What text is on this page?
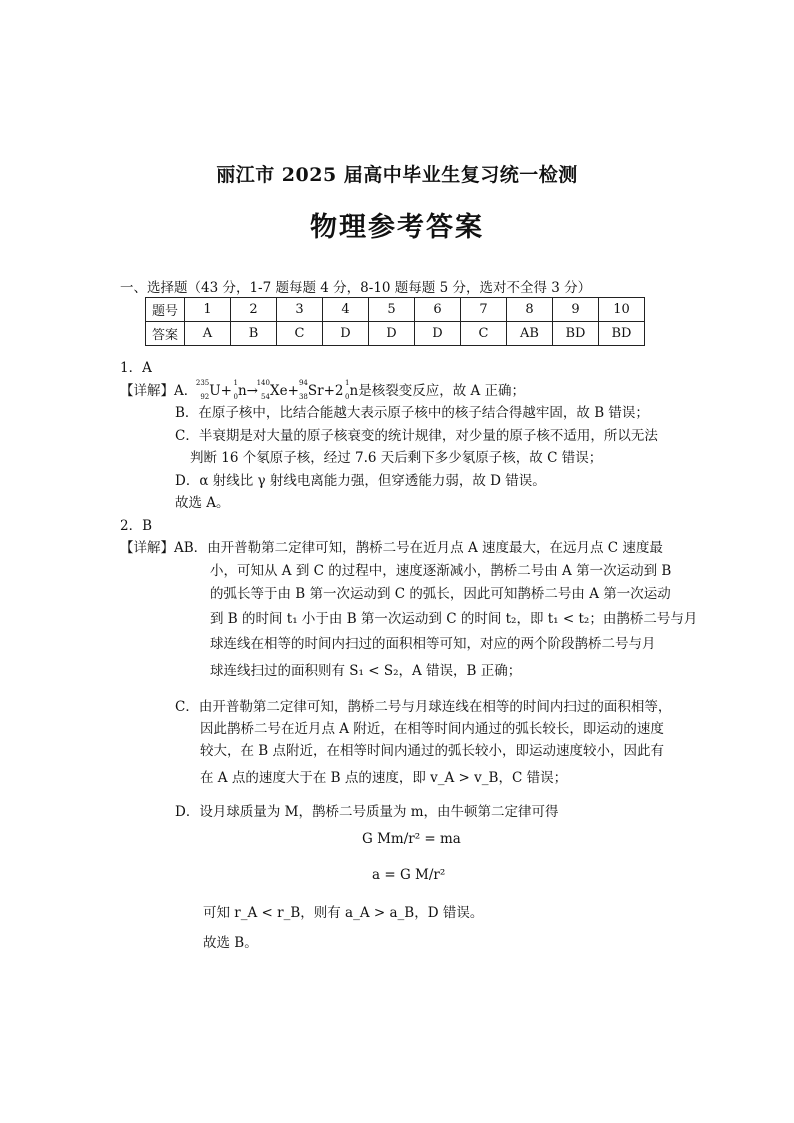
丽江市 2025 届高中毕业生复习统一检测
物理参考答案
一、选择题（43 分，1-7 题每题 4 分，8-10 题每题 5 分，选对不全得 3 分）
题号	1	2	3	4	5	6	7	8	9	10
答案	A	B	C	D	D	D	C	AB	BD	BD
1．A
【详解】A．
235
92 U+ 1
0 n→
140
54 Xe+ 94
38 Sr+2 1
0 n是核裂变反应，故 A 正确；
B．在原子核中，比结合能越大表示原子核中的核子结合得越牢固，故 B 错误；
C．半衰期是对大量的原子核衰变的统计规律，对少量的原子核不适用，所以无法
判断 16 个氡原子核，经过 7.6 天后剩下多少氡原子核，故 C 错误；
D．α 射线比 γ 射线电离能力强，但穿透能力弱，故 D 错误。
故选 A。
2．B
【详解】AB．由开普勒第二定律可知，鹊桥二号在近月点 A 速度最大，在远月点 C 速度最
小，可知从 A 到 C 的过程中，速度逐渐减小，鹊桥二号由 A 第一次运动到 B
的弧长等于由 B 第一次运动到 C 的弧长，因此可知鹊桥二号由 A 第一次运动
到 B 的时间 t₁ 小于由 B 第一次运动到 C 的时间 t₂，即 t₁ < t₂；由鹊桥二号与月
球连线在相等的时间内扫过的面积相等可知，对应的两个阶段鹊桥二号与月
球连线扫过的面积则有 S₁ < S₂，A 错误，B 正确；
C．由开普勒第二定律可知，鹊桥二号与月球连线在相等的时间内扫过的面积相等，
因此鹊桥二号在近月点 A 附近，在相等时间内通过的弧长较长，即运动的速度
较大，在 B 点附近，在相等时间内通过的弧长较小，即运动速度较小，因此有
在 A 点的速度大于在 B 点的速度，即 v_A > v_B，C 错误；
D．设月球质量为 M，鹊桥二号质量为 m，由牛顿第二定律可得
G Mm/r² = ma
a = G M/r²
可知 r_A < r_B，则有 a_A > a_B，D 错误。
故选 B。
